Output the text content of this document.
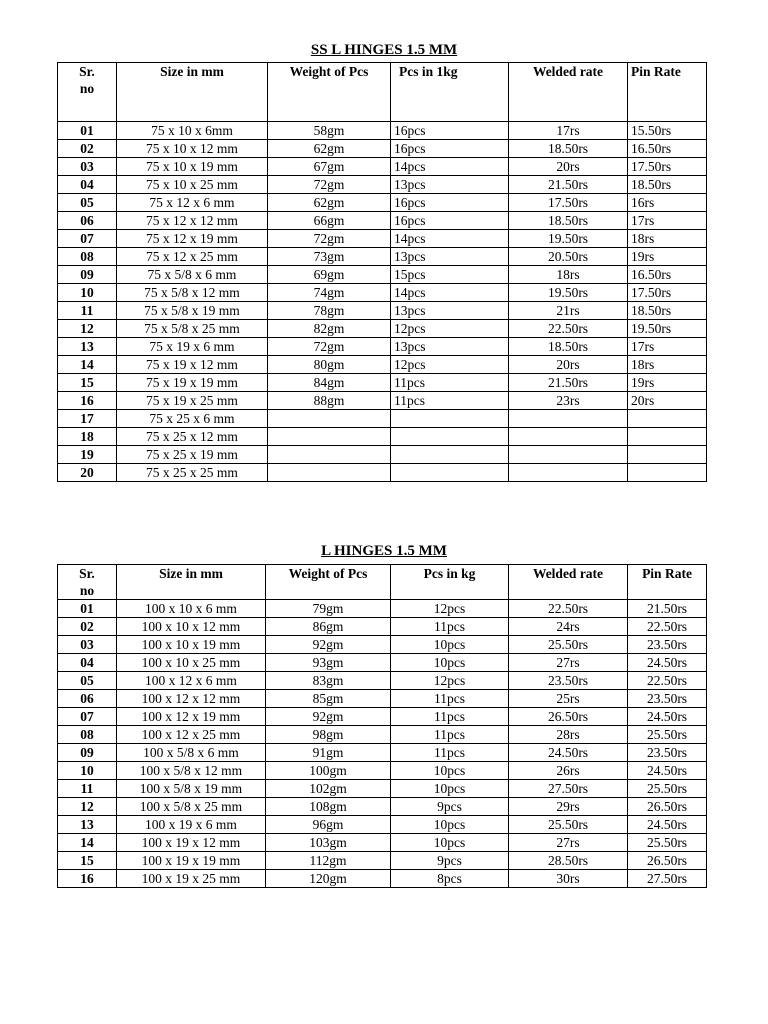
SS L HINGES 1.5 MM
Sr.
no	Size in mm	Weight of Pcs	Pcs in 1kg	Welded rate	Pin Rate
01	75 x 10 x 6mm	58gm	16pcs	17rs	15.50rs
02	75 x 10 x 12 mm	62gm	16pcs	18.50rs	16.50rs
03	75 x 10 x 19 mm	67gm	14pcs	20rs	17.50rs
04	75 x 10 x 25 mm	72gm	13pcs	21.50rs	18.50rs
05	75 x 12 x 6 mm	62gm	16pcs	17.50rs	16rs
06	75 x 12 x 12 mm	66gm	16pcs	18.50rs	17rs
07	75 x 12 x 19 mm	72gm	14pcs	19.50rs	18rs
08	75 x 12 x 25 mm	73gm	13pcs	20.50rs	19rs
09	75 x 5/8 x 6 mm	69gm	15pcs	18rs	16.50rs
10	75 x 5/8 x 12 mm	74gm	14pcs	19.50rs	17.50rs
11	75 x 5/8 x 19 mm	78gm	13pcs	21rs	18.50rs
12	75 x 5/8 x 25 mm	82gm	12pcs	22.50rs	19.50rs
13	75 x 19 x 6 mm	72gm	13pcs	18.50rs	17rs
14	75 x 19 x 12 mm	80gm	12pcs	20rs	18rs
15	75 x 19 x 19 mm	84gm	11pcs	21.50rs	19rs
16	75 x 19 x 25 mm	88gm	11pcs	23rs	20rs
17	75 x 25 x 6 mm				
18	75 x 25 x 12 mm				
19	75 x 25 x 19 mm				
20	75 x 25 x 25 mm				
L HINGES 1.5 MM
Sr.
no	Size in mm	Weight of Pcs	Pcs in kg	Welded rate	Pin Rate
01	100 x 10 x 6 mm	79gm	12pcs	22.50rs	21.50rs
02	100 x 10 x 12 mm	86gm	11pcs	24rs	22.50rs
03	100 x 10 x 19 mm	92gm	10pcs	25.50rs	23.50rs
04	100 x 10 x 25 mm	93gm	10pcs	27rs	24.50rs
05	100 x 12 x 6 mm	83gm	12pcs	23.50rs	22.50rs
06	100 x 12 x 12 mm	85gm	11pcs	25rs	23.50rs
07	100 x 12 x 19 mm	92gm	11pcs	26.50rs	24.50rs
08	100 x 12 x 25 mm	98gm	11pcs	28rs	25.50rs
09	100 x 5/8 x 6 mm	91gm	11pcs	24.50rs	23.50rs
10	100 x 5/8 x 12 mm	100gm	10pcs	26rs	24.50rs
11	100 x 5/8 x 19 mm	102gm	10pcs	27.50rs	25.50rs
12	100 x 5/8 x 25 mm	108gm	9pcs	29rs	26.50rs
13	100 x 19 x 6 mm	96gm	10pcs	25.50rs	24.50rs
14	100 x 19 x 12 mm	103gm	10pcs	27rs	25.50rs
15	100 x 19 x 19 mm	112gm	9pcs	28.50rs	26.50rs
16	100 x 19 x 25 mm	120gm	8pcs	30rs	27.50rs
